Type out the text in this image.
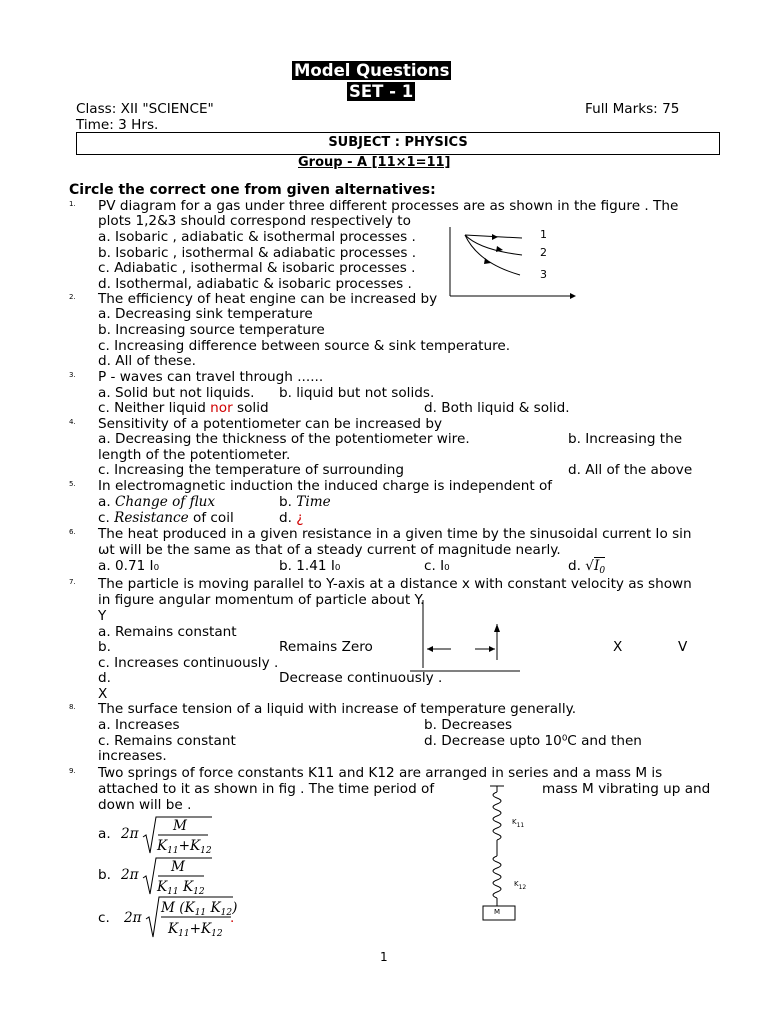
Model Questions
SET - 1
Class: XII "SCIENCE"	Full Marks: 75
Time: 3 Hrs.
SUBJECT : PHYSICS
Group - A [11×1=11]
Circle the correct one from given alternatives:
1. PV diagram for a gas under three different processes are as shown in the figure . The
plots 1,2&3 should correspond respectively to
a. Isobaric , adiabatic & isothermal processes .
b. Isobaric , isothermal & adiabatic processes .
c. Adiabatic , isothermal & isobaric processes .
d. Isothermal, adiabatic & isobaric processes .
1
2
3
2. The efficiency of heat engine can be increased by
a. Decreasing sink temperature
b. Increasing source temperature
c. Increasing difference between source & sink temperature.
d. All of these.
3. P - waves can travel through ......
a. Solid but not liquids. b. liquid but not solids.
c. Neither liquid nor solid	d. Both liquid & solid.
4. Sensitivity of a potentiometer can be increased by
a. Decreasing the thickness of the potentiometer wire.	b. Increasing the
length of the potentiometer.
c. Increasing the temperature of surrounding	d. All of the above
5. In electromagnetic induction the induced charge is independent of
a. Change of flux	b. Time
c. Resistance of coil	d. ¿
6. The heat produced in a given resistance in a given time by the sinusoidal current Io sin
ωt will be the same as that of a steady current of magnitude nearly.
a. 0.71 I₀	b. 1.41 I₀	c. I₀	d. $√I_0$
7. The particle is moving parallel to Y-axis at a distance x with constant velocity as shown
in figure angular momentum of particle about Y.
Y
a. Remains constant
b.	Remains Zero	X	V
c. Increases continuously .
d.	Decrease continuously .
X
8. The surface tension of a liquid with increase of temperature generally.
a. Increases	b. Decreases
c. Remains constant	d. Decrease upto 10⁰C and then
increases.
9. Two springs of force constants K11 and K12 are arranged in series and a mass M is
attached to it as shown in fig . The time period of	mass M vibrating up and
down will be .
a. 2π	M
$K_{11}+K_{12}$
b. 2π M
$K_{11}$ $K_{12}$
c. 2π
M ($K_{11}$ $K_{12}$)
$K_{11}+K_{12}$
.
K11
K12
M
1
